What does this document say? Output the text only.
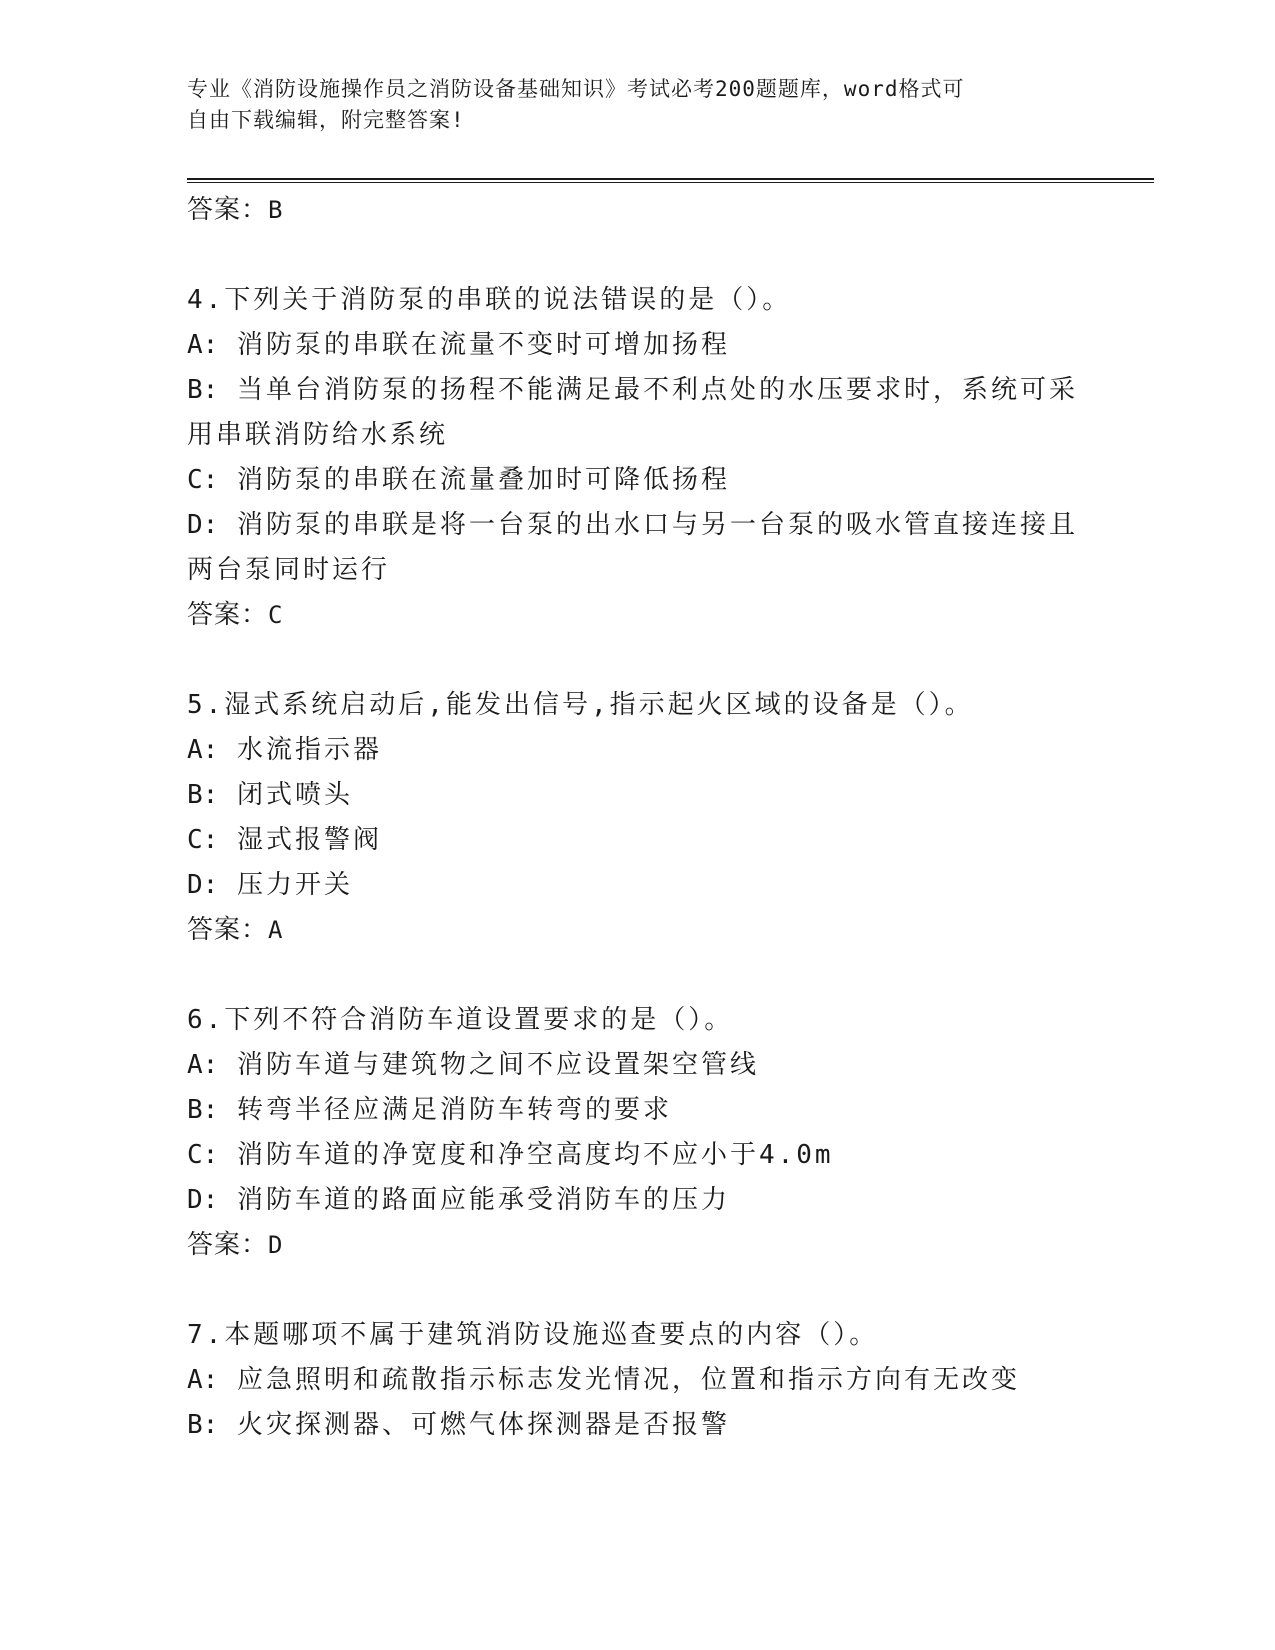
专业《消防设施操作员之消防设备基础知识》考试必考200题题库，word格式可
自由下载编辑，附完整答案!
答案：B
4.下列关于消防泵的串联的说法错误的是（）。
A: 消防泵的串联在流量不变时可增加扬程
B: 当单台消防泵的扬程不能满足最不利点处的水压要求时，系统可采用串联消防给水系统
C: 消防泵的串联在流量叠加时可降低扬程
D: 消防泵的串联是将一台泵的出水口与另一台泵的吸水管直接连接且两台泵同时运行
答案：C
5.湿式系统启动后,能发出信号,指示起火区域的设备是（）。
A: 水流指示器
B: 闭式喷头
C: 湿式报警阀
D: 压力开关
答案：A
6.下列不符合消防车道设置要求的是（）。
A: 消防车道与建筑物之间不应设置架空管线
B: 转弯半径应满足消防车转弯的要求
C: 消防车道的净宽度和净空高度均不应小于4.0m
D: 消防车道的路面应能承受消防车的压力
答案：D
7.本题哪项不属于建筑消防设施巡查要点的内容（）。
A: 应急照明和疏散指示标志发光情况，位置和指示方向有无改变
B: 火灾探测器、可燃气体探测器是否报警
